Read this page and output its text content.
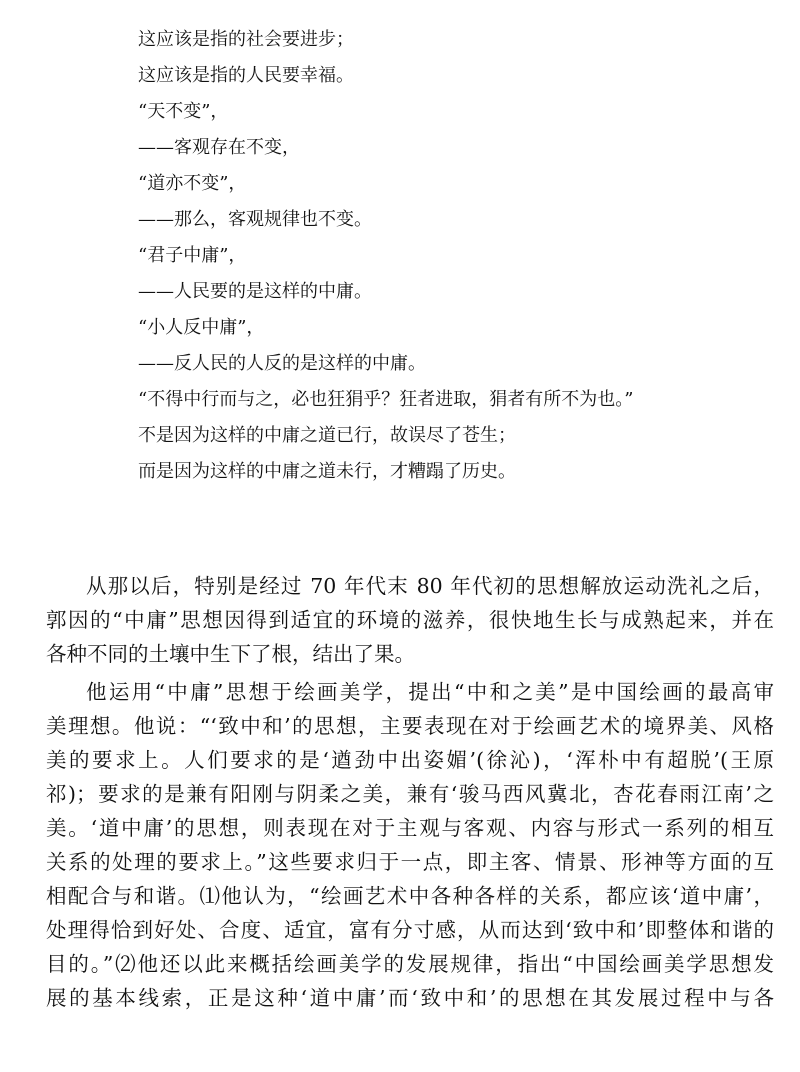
这应该是指的社会要进步；
这应该是指的人民要幸福。
“天不变”，
——客观存在不变，
“道亦不变”，
——那么，客观规律也不变。
“君子中庸”，
——人民要的是这样的中庸。
“小人反中庸”，
——反人民的人反的是这样的中庸。
“不得中行而与之，必也狂狷乎？狂者进取，狷者有所不为也。”
不是因为这样的中庸之道已行，故误尽了苍生；
而是因为这样的中庸之道未行，才糟蹋了历史。
从那以后，特别是经过 70 年代末 80 年代初的思想解放运动洗礼之后，
郭因的“中庸”思想因得到适宜的环境的滋养，很快地生长与成熟起来，并在
各种不同的土壤中生下了根，结出了果。
他运用“中庸”思想于绘画美学，提出“中和之美”是中国绘画的最高审
美理想。他说：“‘致中和’的思想，主要表现在对于绘画艺术的境界美、风格
美的要求上。人们要求的是‘遒劲中出姿媚’(徐沁)，‘浑朴中有超脱’(王原
祁)；要求的是兼有阳刚与阴柔之美，兼有‘骏马西风冀北，杏花春雨江南’之
美。‘道中庸’的思想，则表现在对于主观与客观、内容与形式一系列的相互
关系的处理的要求上。”这些要求归于一点，即主客、情景、形神等方面的互
相配合与和谐。⑴他认为，“绘画艺术中各种各样的关系，都应该‘道中庸’，
处理得恰到好处、合度、适宜，富有分寸感，从而达到‘致中和’即整体和谐的
目的。”⑵他还以此来概括绘画美学的发展规律，指出“中国绘画美学思想发
展的基本线索，正是这种‘道中庸’而‘致中和’的思想在其发展过程中与各
